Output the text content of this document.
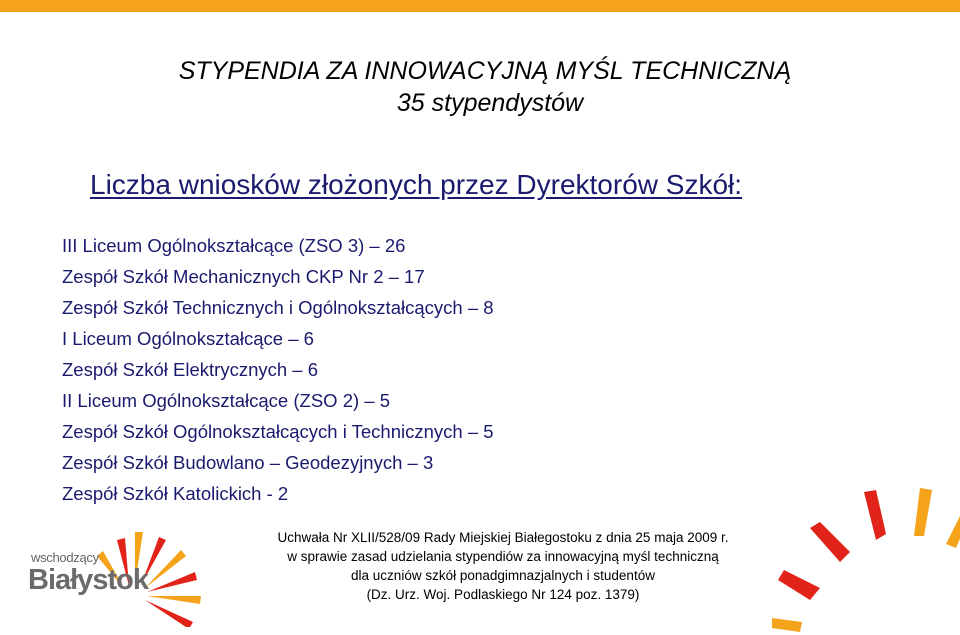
STYPENDIA ZA INNOWACYJNĄ MYŚL TECHNICZNĄ
35 stypendystów
Liczba wniosków złożonych przez Dyrektorów Szkół:
III Liceum Ogólnokształcące (ZSO 3) – 26
Zespół Szkół Mechanicznych CKP Nr 2 – 17
Zespół Szkół Technicznych i Ogólnokształcących – 8
I Liceum Ogólnokształcące – 6
Zespół Szkół Elektrycznych – 6
II Liceum Ogólnokształcące (ZSO 2) – 5
Zespół Szkół Ogólnokształcących i Technicznych – 5
Zespół Szkół Budowlano – Geodezyjnych – 3
Zespół Szkół Katolickich - 2
Uchwała Nr XLII/528/09 Rady Miejskiej Białegostoku z dnia 25 maja 2009 r.
w sprawie zasad udzielania stypendiów za innowacyjną myśl techniczną
dla uczniów szkół ponadgimnazjalnych i studentów
(Dz. Urz. Woj. Podlaskiego Nr 124 poz. 1379)
wschodzący
Białystok
